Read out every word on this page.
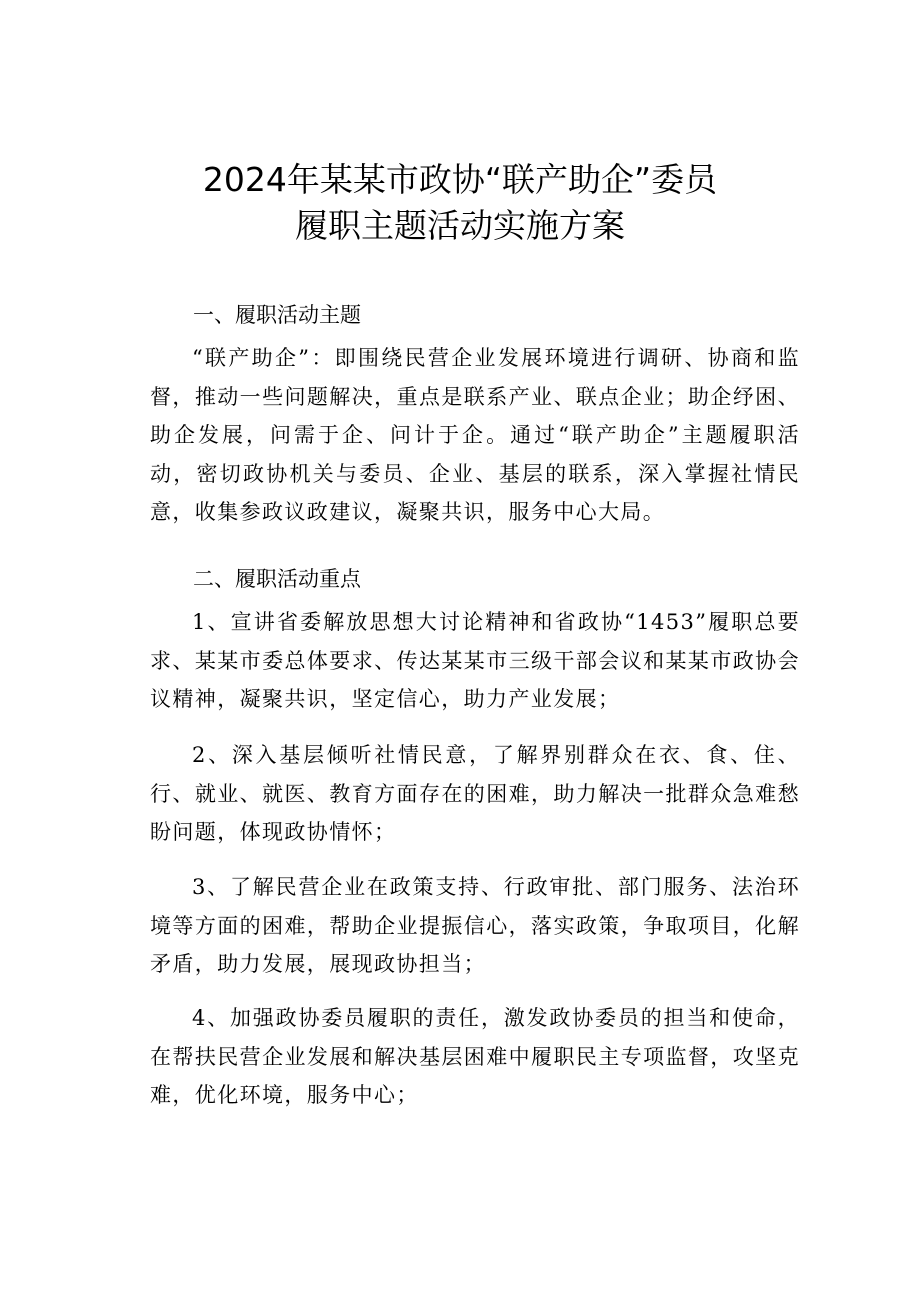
2024年某某市政协“联产助企”委员
履职主题活动实施方案
一、履职活动主题

“联产助企”：即围绕民营企业发展环境进行调研、协商和监督，推动一些问题解决，重点是联系产业、联点企业；助企纾困、助企发展，问需于企、问计于企。通过“联产助企”主题履职活动，密切政协机关与委员、企业、基层的联系，深入掌握社情民意，收集参政议政建议，凝聚共识，服务中心大局。

二、履职活动重点

1、宣讲省委解放思想大讨论精神和省政协“1453”履职总要求、某某市委总体要求、传达某某市三级干部会议和某某市政协会议精神，凝聚共识，坚定信心，助力产业发展；

2、深入基层倾听社情民意，了解界别群众在衣、食、住、行、就业、就医、教育方面存在的困难，助力解决一批群众急难愁盼问题，体现政协情怀；

3、了解民营企业在政策支持、行政审批、部门服务、法治环境等方面的困难，帮助企业提振信心，落实政策，争取项目，化解矛盾，助力发展，展现政协担当；

4、加强政协委员履职的责任，激发政协委员的担当和使命，在帮扶民营企业发展和解决基层困难中履职民主专项监督，攻坚克难，优化环境，服务中心；
